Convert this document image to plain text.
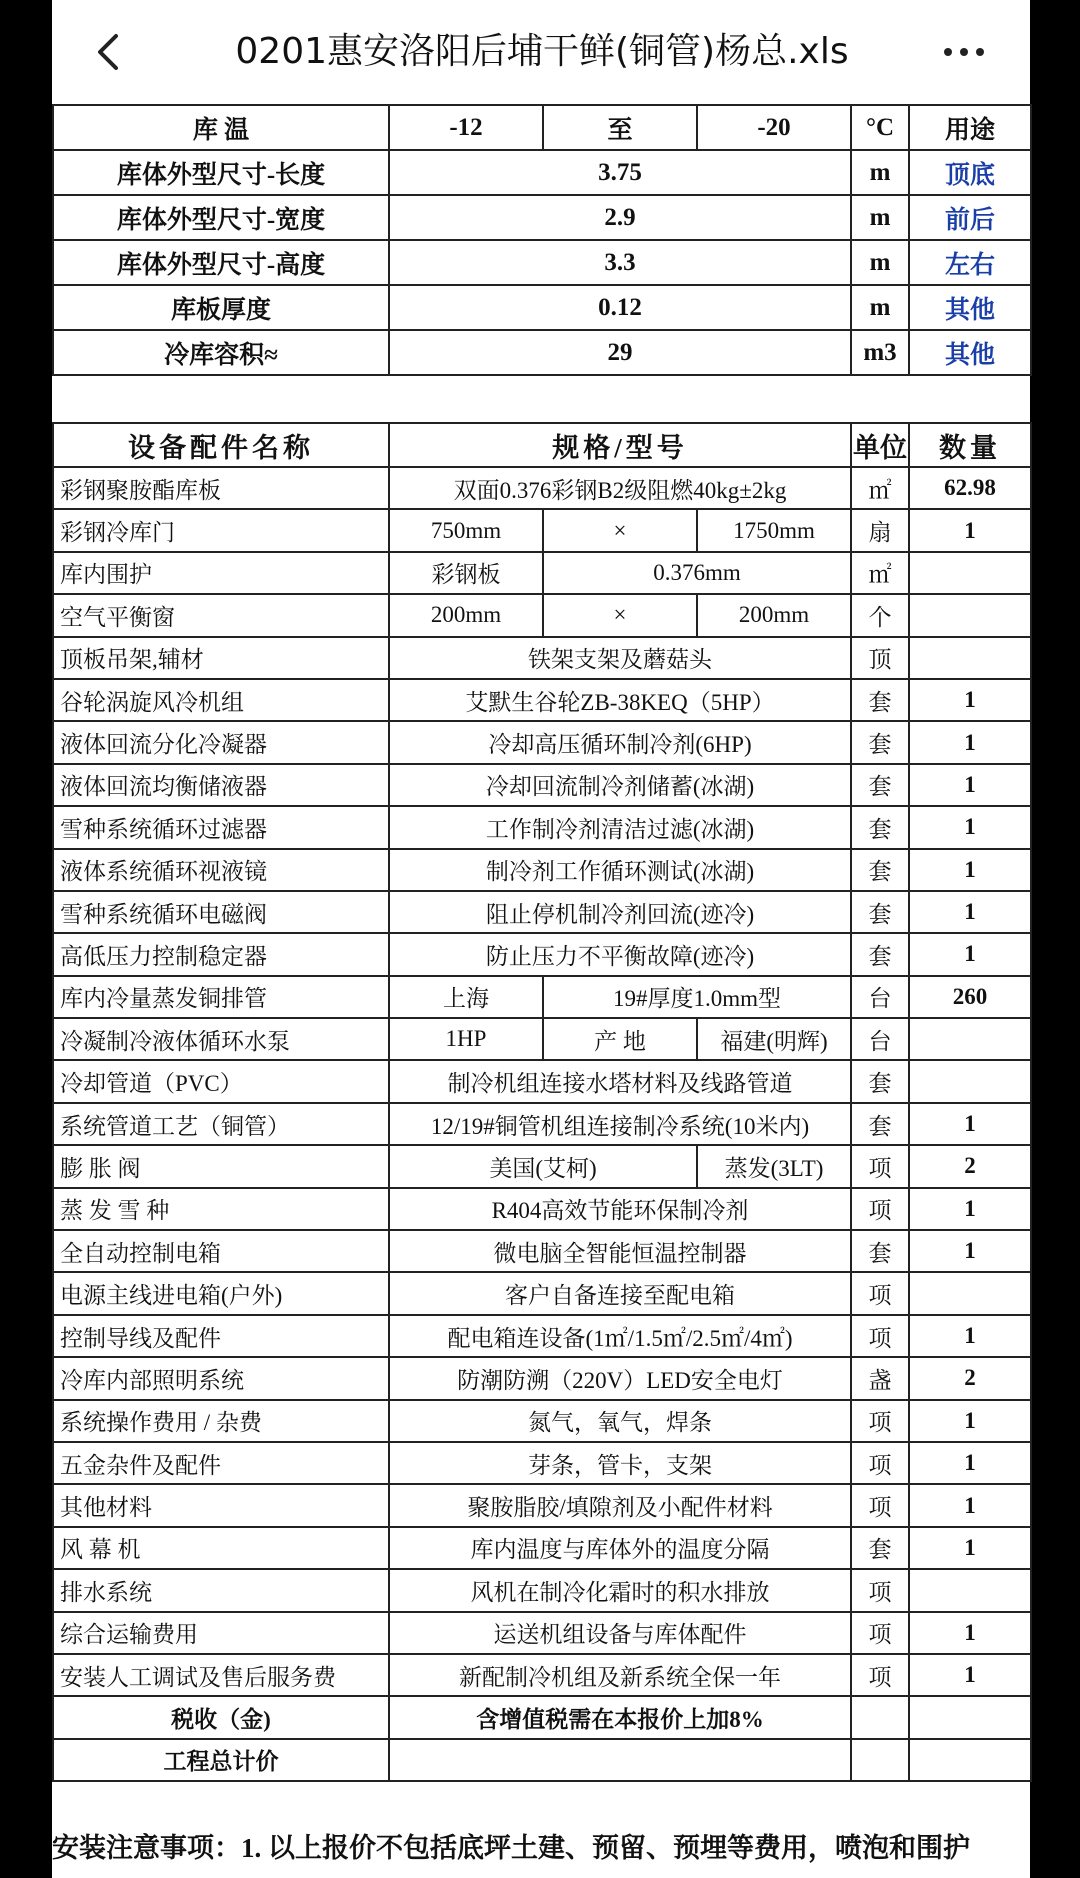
0201惠安洛阳后埔干鲜(铜管)杨总.xls
库 温	-12	至	-20	°C	用途
库体外型尺寸-长度	3.75			m	顶底
库体外型尺寸-宽度	2.9			m	前后
库体外型尺寸-高度	3.3			m	左右
库板厚度	0.12			m	其他
冷库容积≈	29			m3	其他
设备配件名称	规格/型号			单位	数量
彩钢聚胺酯库板	双面0.376彩钢B2级阻燃40kg±2kg			㎡	62.98
彩钢冷库门	750mm	×	1750mm	扇	1
库内围护	彩钢板	0.376mm		㎡	
空气平衡窗	200mm	×	200mm	个	
顶板吊架,辅材	铁架支架及蘑菇头			顶	
谷轮涡旋风冷机组	艾默生谷轮ZB-38KEQ（5HP）			套	1
液体回流分化冷凝器	冷却高压循环制冷剂(6HP)			套	1
液体回流均衡储液器	冷却回流制冷剂储蓄(冰湖)			套	1
雪种系统循环过滤器	工作制冷剂清洁过滤(冰湖)			套	1
液体系统循环视液镜	制冷剂工作循环测试(冰湖)			套	1
雪种系统循环电磁阀	阻止停机制冷剂回流(迹冷)			套	1
高低压力控制稳定器	防止压力不平衡故障(迹冷)			套	1
库内冷量蒸发铜排管	上海	19#厚度1.0mm型		台	260
冷凝制冷液体循环水泵	1HP	产 地	福建(明辉)	台	
冷却管道（PVC）	制冷机组连接水塔材料及线路管道			套	
系统管道工艺（铜管）	12/19#铜管机组连接制冷系统(10米内)			套	1
膨 胀 阀	美国(艾柯)		蒸发(3LT)	项	2
蒸 发 雪 种	R404高效节能环保制冷剂			项	1
全自动控制电箱	微电脑全智能恒温控制器			套	1
电源主线进电箱(户外)	客户自备连接至配电箱			项	
控制导线及配件	配电箱连设备(1㎡/1.5㎡/2.5㎡/4㎡)			项	1
冷库内部照明系统	防潮防溯（220V）LED安全电灯			盏	2
系统操作费用 / 杂费	氮气，氧气，焊条			项	1
五金杂件及配件	芽条，管卡，支架			项	1
其他材料	聚胺脂胶/填隙剂及小配件材料			项	1
风 幕 机	库内温度与库体外的温度分隔			套	1
排水系统	风机在制冷化霜时的积水排放			项	
综合运输费用	运送机组设备与库体配件			项	1
安装人工调试及售后服务费	新配制冷机组及新系统全保一年			项	1
税收（金)	含增值税需在本报价上加8%				
工程总计价					
安装注意事项：1. 以上报价不包括底坪土建、预留、预埋等费用，喷泡和围护
